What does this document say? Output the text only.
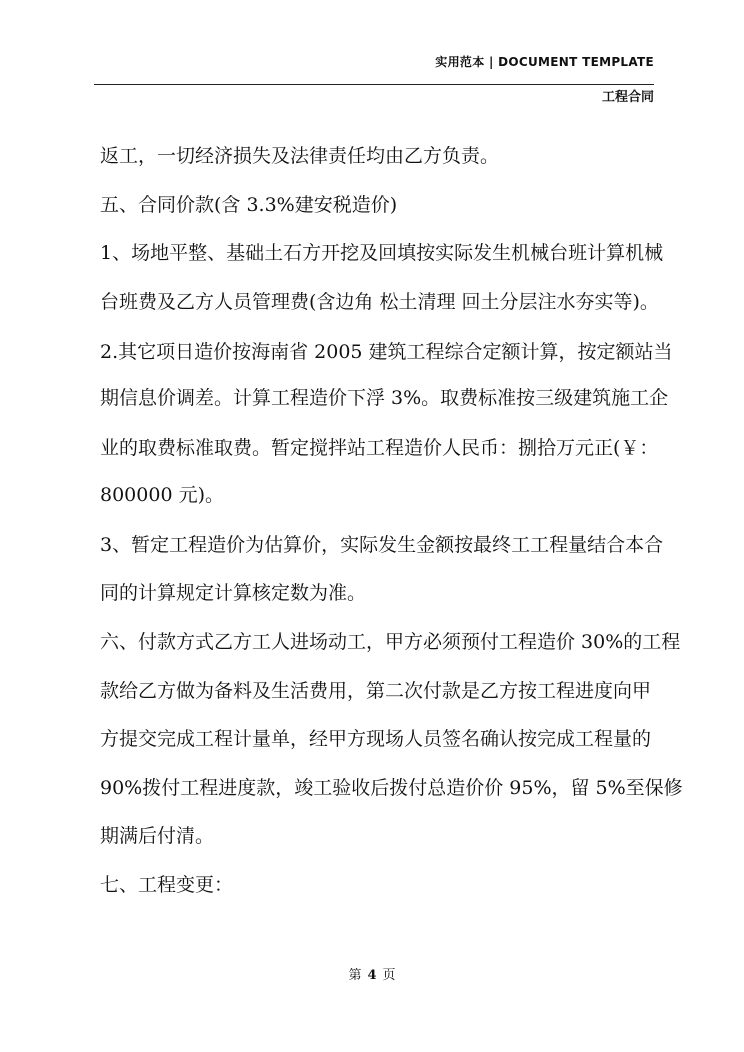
实用范本 | DOCUMENT TEMPLATE
工程合同
返工，一切经济损失及法律责任均由乙方负责。
五、合同价款(含 3.3%建安税造价)
1、场地平整、基础土石方开挖及回填按实际发生机械台班计算机械
台班费及乙方人员管理费(含边角 松土清理 回土分层注水夯实等)。
2.其它项日造价按海南省 2005 建筑工程综合定额计算，按定额站当
期信息价调差。计算工程造价下浮 3%。取费标准按三级建筑施工企
业的取费标准取费。暂定搅拌站工程造价人民币：捌拾万元正(￥：
800000 元)。
3、暂定工程造价为估算价，实际发生金额按最终工工程量结合本合
同的计算规定计算核定数为准。
六、付款方式乙方工人进场动工，甲方必须预付工程造价 30%的工程
款给乙方做为备料及生活费用，第二次付款是乙方按工程进度向甲
方提交完成工程计量单，经甲方现场人员签名确认按完成工程量的
90%拨付工程进度款，竣工验收后拨付总造价价 95%，留 5%至保修
期满后付清。
七、工程变更：
第 4 页
